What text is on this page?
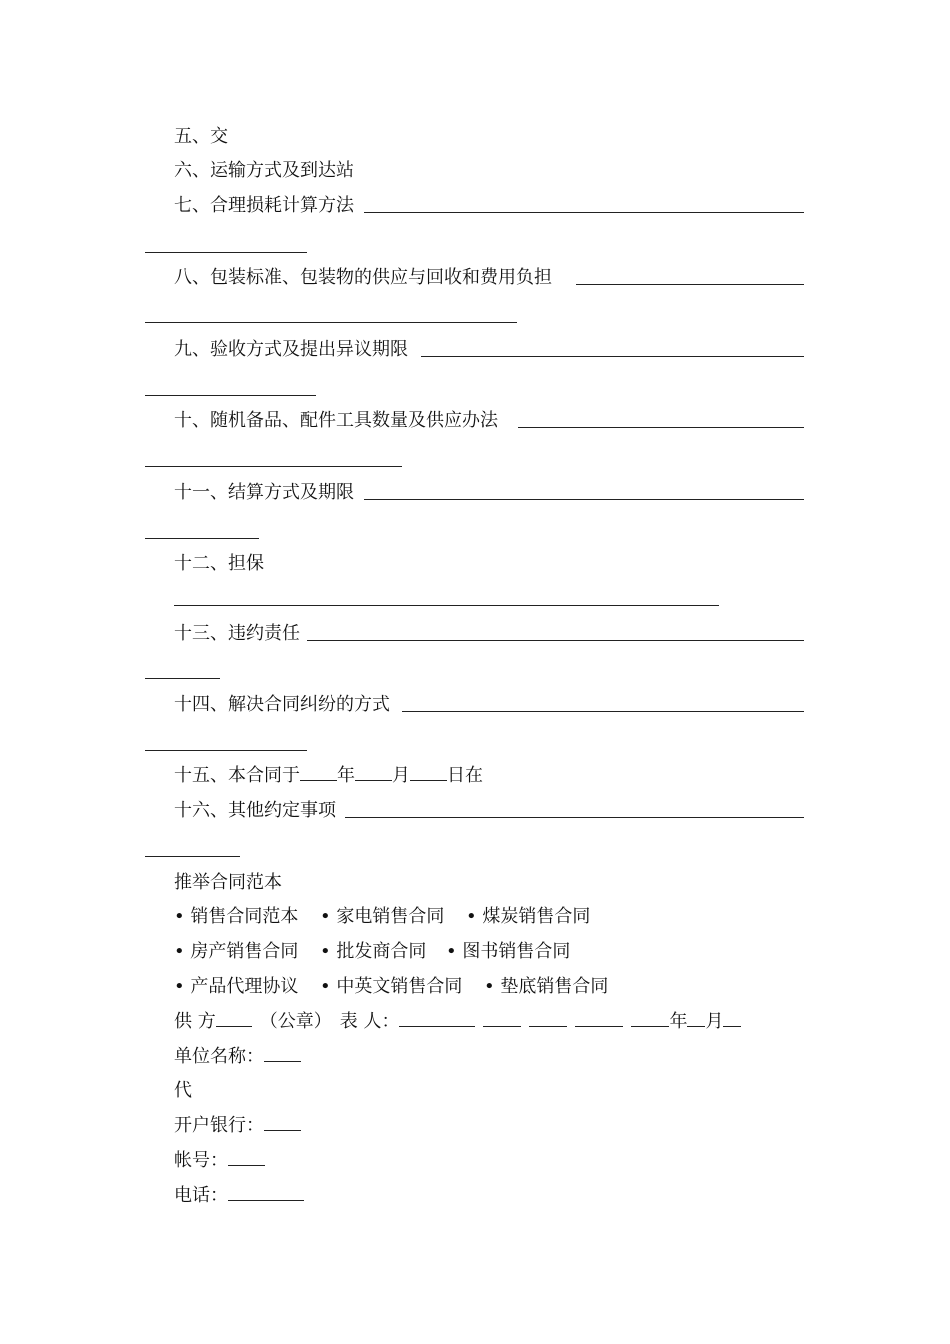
五、交
六、运输方式及到达站
七、合理损耗计算方法
八、包装标准、包装物的供应与回收和费用负担
九、验收方式及提出异议期限
十、随机备品、配件工具数量及供应办法
十一、结算方式及期限
十二、担保
十三、违约责任
十四、解决合同纠纷的方式
十五、本合同于 年 月 日在
十六、其他约定事项
推举合同范本
• 销售合同范本 • 家电销售合同 • 煤炭销售合同
• 房产销售合同 • 批发商合同 • 图书销售合同
• 产品代理协议 • 中英文销售合同 • 垫底销售合同
供 方 （公章） 表 人：	年 月
单位名称：
代
开户银行：
帐号：
电话：
